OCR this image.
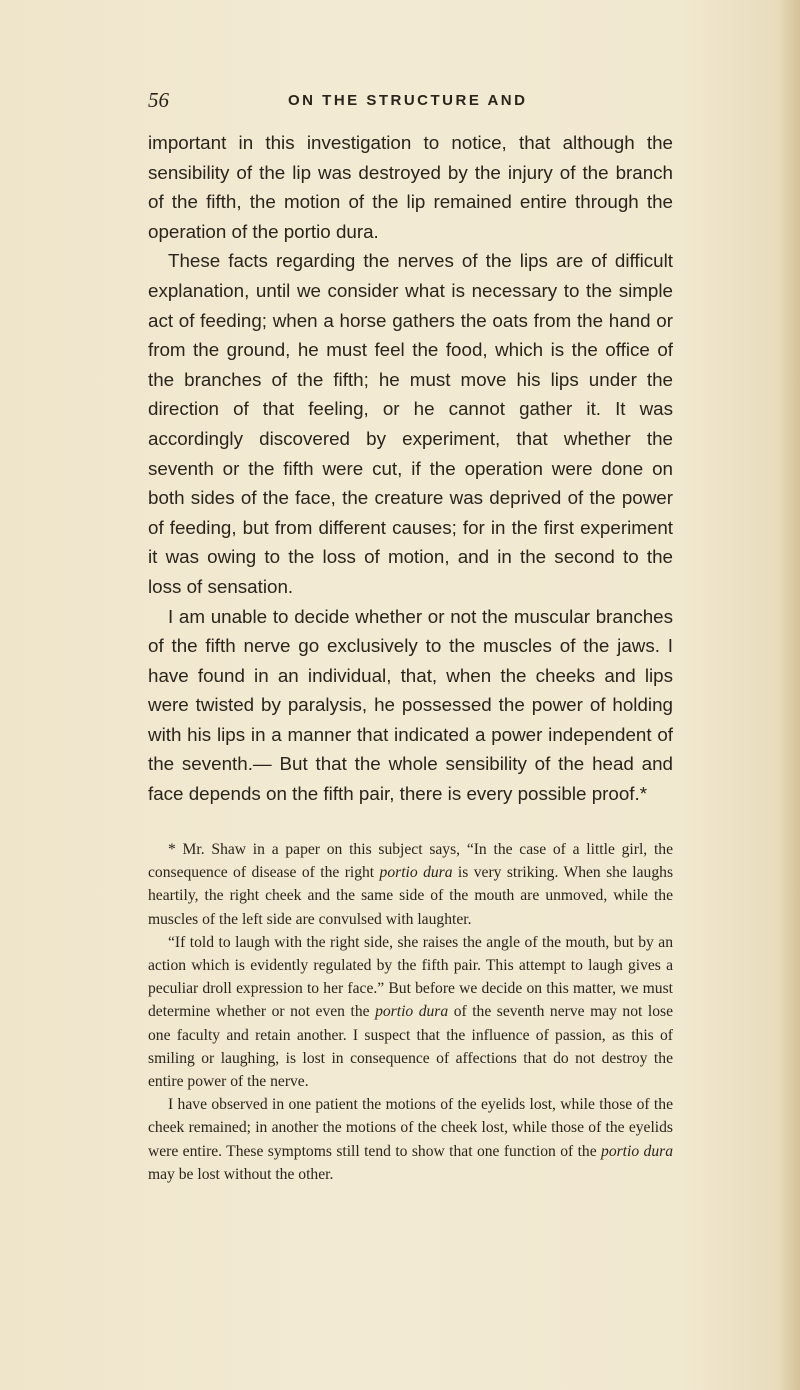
56	ON THE STRUCTURE AND

important in this investigation to notice, that although the sensibility of the lip was destroyed by the injury of the branch of the fifth, the motion of the lip remained entire through the operation of the portio dura.

These facts regarding the nerves of the lips are of difficult explanation, until we consider what is necessary to the simple act of feeding; when a horse gathers the oats from the hand or from the ground, he must feel the food, which is the office of the branches of the fifth; he must move his lips under the direction of that feeling, or he cannot gather it. It was accordingly discovered by experiment, that whether the seventh or the fifth were cut, if the operation were done on both sides of the face, the creature was deprived of the power of feeding, but from different causes; for in the first experiment it was owing to the loss of motion, and in the second to the loss of sensation.

I am unable to decide whether or not the muscular branches of the fifth nerve go exclusively to the muscles of the jaws. I have found in an individual, that, when the cheeks and lips were twisted by paralysis, he possessed the power of holding with his lips in a manner that indicated a power independent of the seventh.— But that the whole sensibility of the head and face depends on the fifth pair, there is every possible proof.*

* Mr. Shaw in a paper on this subject says, “In the case of a little girl, the consequence of disease of the right portio dura is very striking. When she laughs heartily, the right cheek and the same side of the mouth are unmoved, while the muscles of the left side are convulsed with laughter.

“If told to laugh with the right side, she raises the angle of the mouth, but by an action which is evidently regulated by the fifth pair. This attempt to laugh gives a peculiar droll expression to her face.” But before we decide on this matter, we must determine whether or not even the portio dura of the seventh nerve may not lose one faculty and retain another. I suspect that the influence of passion, as this of smiling or laughing, is lost in consequence of affections that do not destroy the entire power of the nerve.

I have observed in one patient the motions of the eyelids lost, while those of the cheek remained; in another the motions of the cheek lost, while those of the eyelids were entire. These symptoms still tend to show that one function of the portio dura may be lost without the other.
